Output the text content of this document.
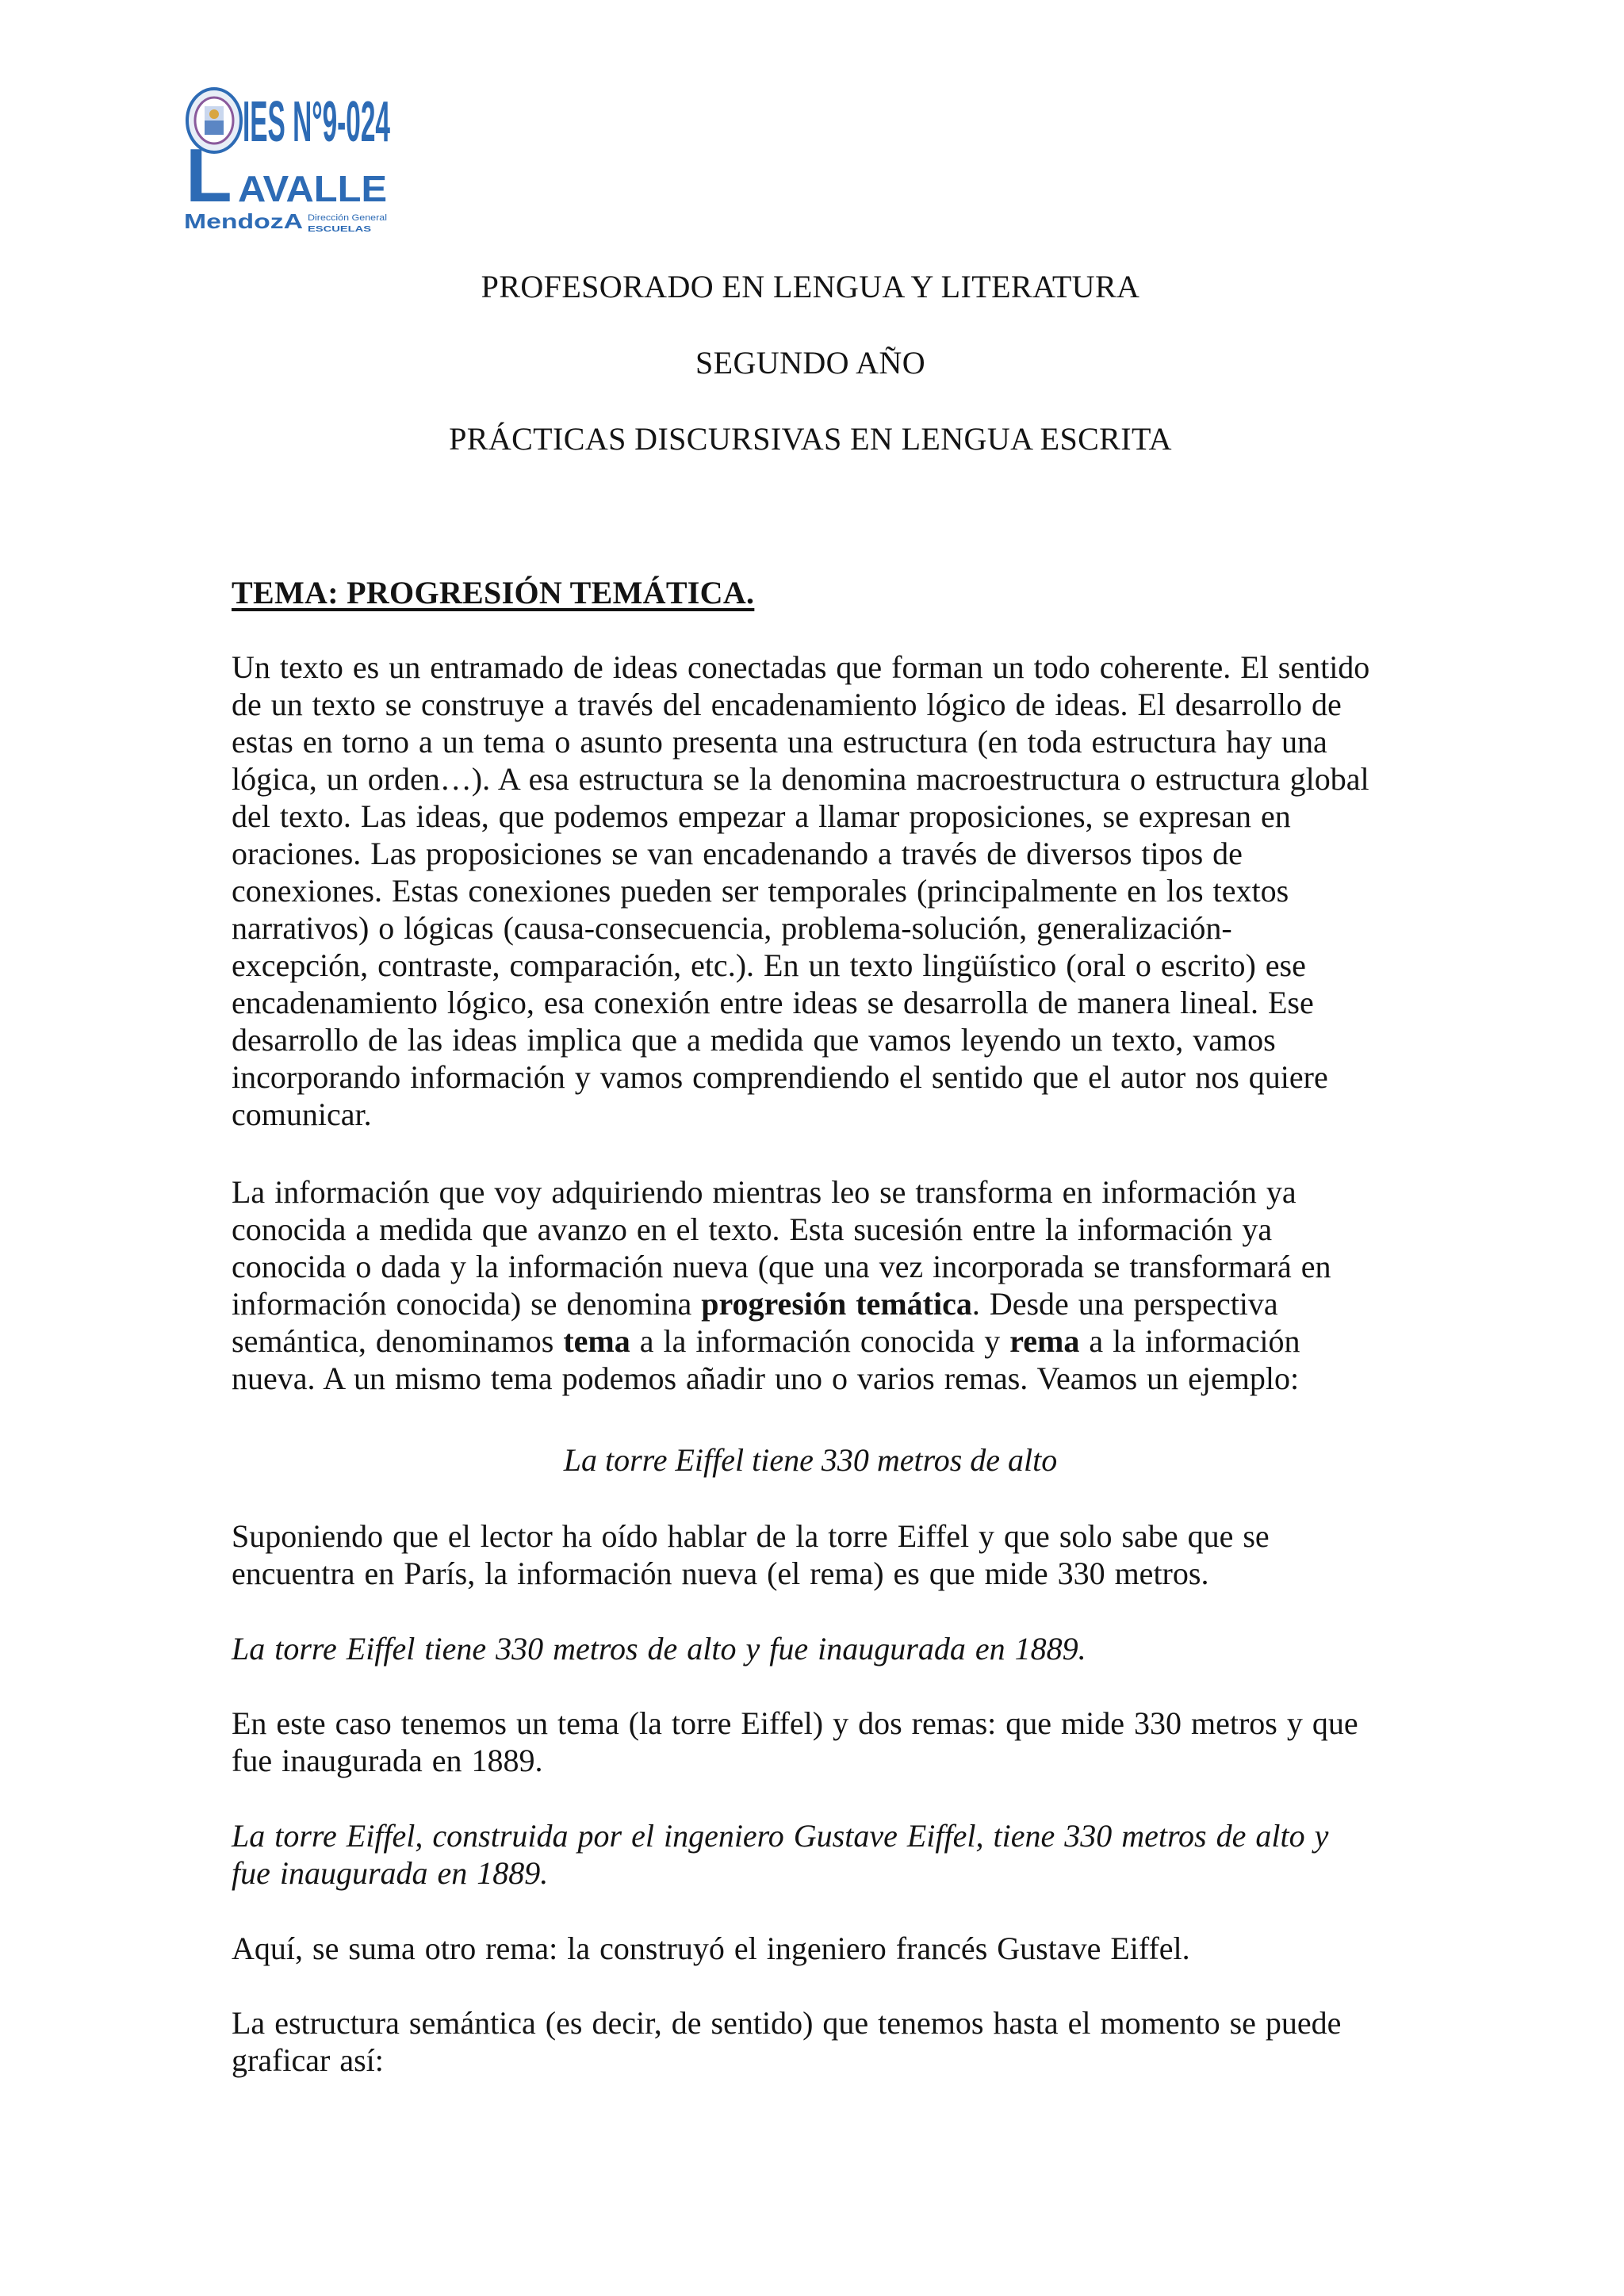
IES N°9-024
L AVALLE
MendozA Dirección General
ESCUELAS
PROFESORADO EN LENGUA Y LITERATURA
SEGUNDO AÑO
PRÁCTICAS DISCURSIVAS EN LENGUA ESCRITA
TEMA: PROGRESIÓN TEMÁTICA.
Un texto es un entramado de ideas conectadas que forman un todo coherente. El sentido
de un texto se construye a través del encadenamiento lógico de ideas. El desarrollo de
estas en torno a un tema o asunto presenta una estructura (en toda estructura hay una
lógica, un orden…). A esa estructura se la denomina macroestructura o estructura global
del texto. Las ideas, que podemos empezar a llamar proposiciones, se expresan en
oraciones. Las proposiciones se van encadenando a través de diversos tipos de
conexiones. Estas conexiones pueden ser temporales (principalmente en los textos
narrativos) o lógicas (causa-consecuencia, problema-solución, generalización-
excepción, contraste, comparación, etc.). En un texto lingüístico (oral o escrito) ese
encadenamiento lógico, esa conexión entre ideas se desarrolla de manera lineal. Ese
desarrollo de las ideas implica que a medida que vamos leyendo un texto, vamos
incorporando información y vamos comprendiendo el sentido que el autor nos quiere
comunicar.
La información que voy adquiriendo mientras leo se transforma en información ya
conocida a medida que avanzo en el texto. Esta sucesión entre la información ya
conocida o dada y la información nueva (que una vez incorporada se transformará en
información conocida) se denomina progresión temática. Desde una perspectiva
semántica, denominamos tema a la información conocida y rema a la información
nueva. A un mismo tema podemos añadir uno o varios remas. Veamos un ejemplo:
La torre Eiffel tiene 330 metros de alto
Suponiendo que el lector ha oído hablar de la torre Eiffel y que solo sabe que se
encuentra en París, la información nueva (el rema) es que mide 330 metros.
La torre Eiffel tiene 330 metros de alto y fue inaugurada en 1889.
En este caso tenemos un tema (la torre Eiffel) y dos remas: que mide 330 metros y que
fue inaugurada en 1889.
La torre Eiffel, construida por el ingeniero Gustave Eiffel, tiene 330 metros de alto y
fue inaugurada en 1889.
Aquí, se suma otro rema: la construyó el ingeniero francés Gustave Eiffel.
La estructura semántica (es decir, de sentido) que tenemos hasta el momento se puede
graficar así:
